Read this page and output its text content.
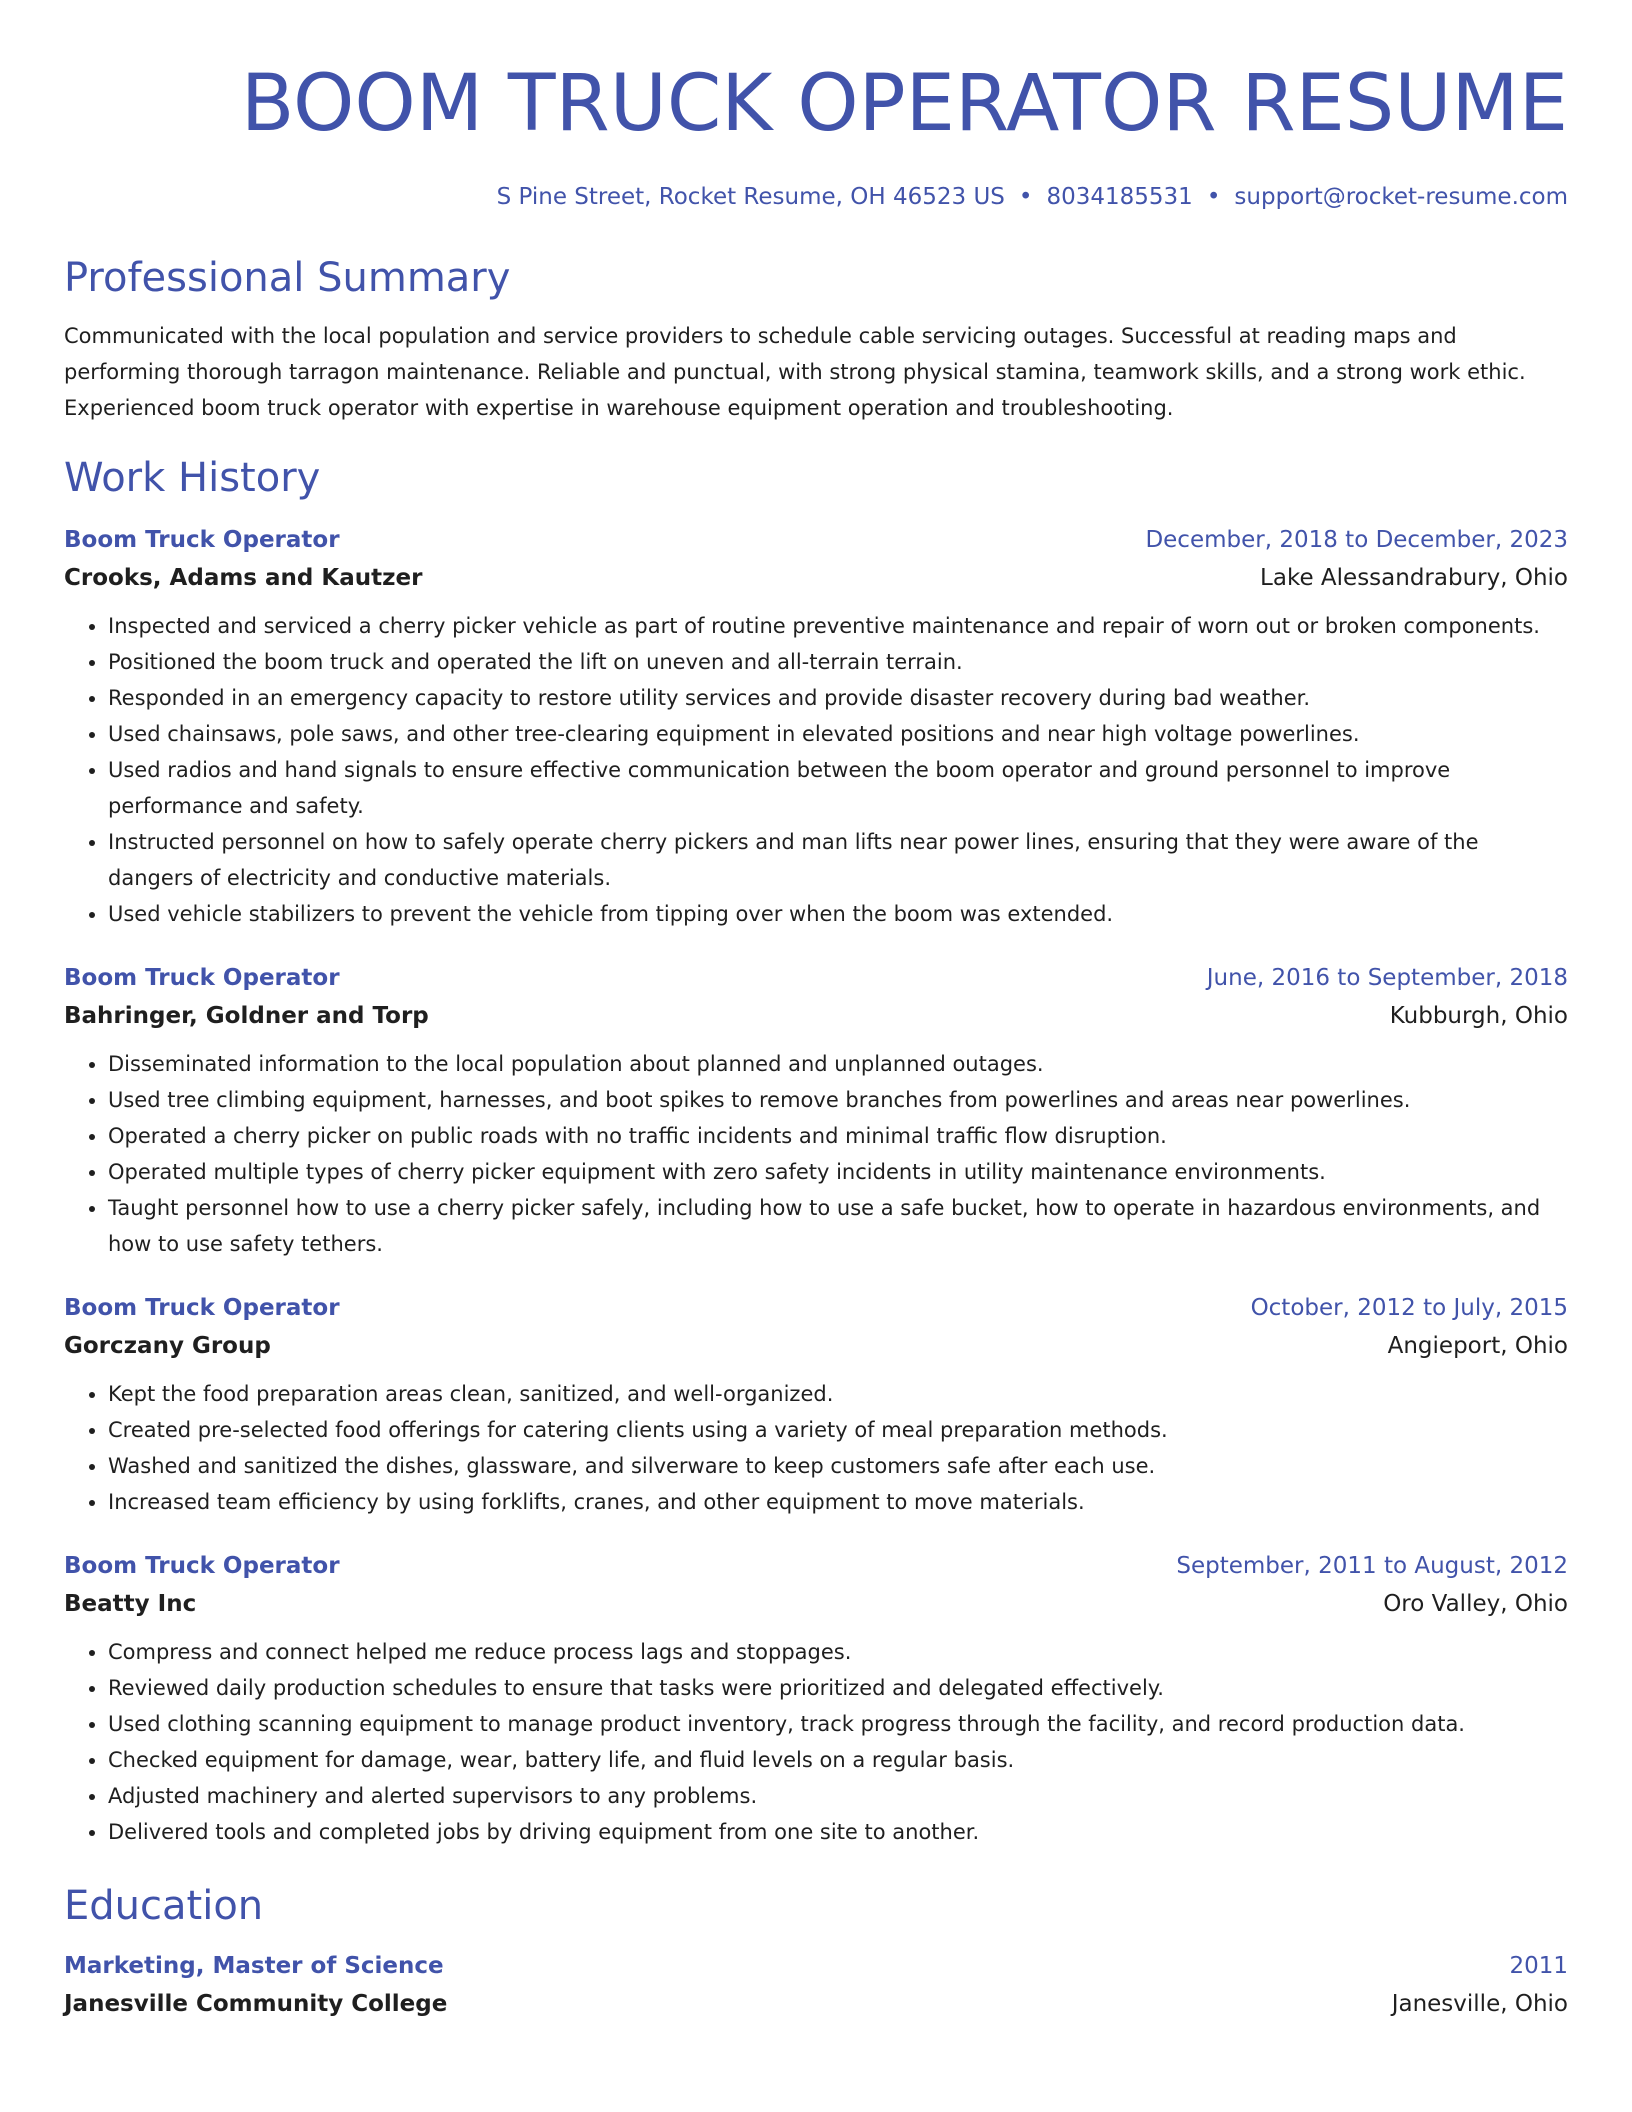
BOOM TRUCK OPERATOR RESUME
S Pine Street, Rocket Resume, OH 46523 US • 8034185531 • support@rocket-resume.com
Professional Summary

Communicated with the local population and service providers to schedule cable servicing outages. Successful at reading maps and performing thorough tarragon maintenance. Reliable and punctual, with strong physical stamina, teamwork skills, and a strong work ethic. Experienced boom truck operator with expertise in warehouse equipment operation and troubleshooting.

Work History
Boom Truck Operator	December, 2018 to December, 2023
Crooks, Adams and Kautzer	Lake Alessandrabury, Ohio
• Inspected and serviced a cherry picker vehicle as part of routine preventive maintenance and repair of worn out or broken components.
• Positioned the boom truck and operated the lift on uneven and all-terrain terrain.
• Responded in an emergency capacity to restore utility services and provide disaster recovery during bad weather.
• Used chainsaws, pole saws, and other tree-clearing equipment in elevated positions and near high voltage powerlines.
• Used radios and hand signals to ensure effective communication between the boom operator and ground personnel to improve performance and safety.
• Instructed personnel on how to safely operate cherry pickers and man lifts near power lines, ensuring that they were aware of the dangers of electricity and conductive materials.
• Used vehicle stabilizers to prevent the vehicle from tipping over when the boom was extended.
Boom Truck Operator	June, 2016 to September, 2018
Bahringer, Goldner and Torp	Kubburgh, Ohio
• Disseminated information to the local population about planned and unplanned outages.
• Used tree climbing equipment, harnesses, and boot spikes to remove branches from powerlines and areas near powerlines.
• Operated a cherry picker on public roads with no traffic incidents and minimal traffic flow disruption.
• Operated multiple types of cherry picker equipment with zero safety incidents in utility maintenance environments.
• Taught personnel how to use a cherry picker safely, including how to use a safe bucket, how to operate in hazardous environments, and how to use safety tethers.
Boom Truck Operator	October, 2012 to July, 2015
Gorczany Group	Angieport, Ohio
• Kept the food preparation areas clean, sanitized, and well-organized.
• Created pre-selected food offerings for catering clients using a variety of meal preparation methods.
• Washed and sanitized the dishes, glassware, and silverware to keep customers safe after each use.
• Increased team efficiency by using forklifts, cranes, and other equipment to move materials.
Boom Truck Operator	September, 2011 to August, 2012
Beatty Inc	Oro Valley, Ohio
• Compress and connect helped me reduce process lags and stoppages.
• Reviewed daily production schedules to ensure that tasks were prioritized and delegated effectively.
• Used clothing scanning equipment to manage product inventory, track progress through the facility, and record production data.
• Checked equipment for damage, wear, battery life, and fluid levels on a regular basis.
• Adjusted machinery and alerted supervisors to any problems.
• Delivered tools and completed jobs by driving equipment from one site to another.
Education
Marketing, Master of Science	2011
Janesville Community College	Janesville, Ohio
